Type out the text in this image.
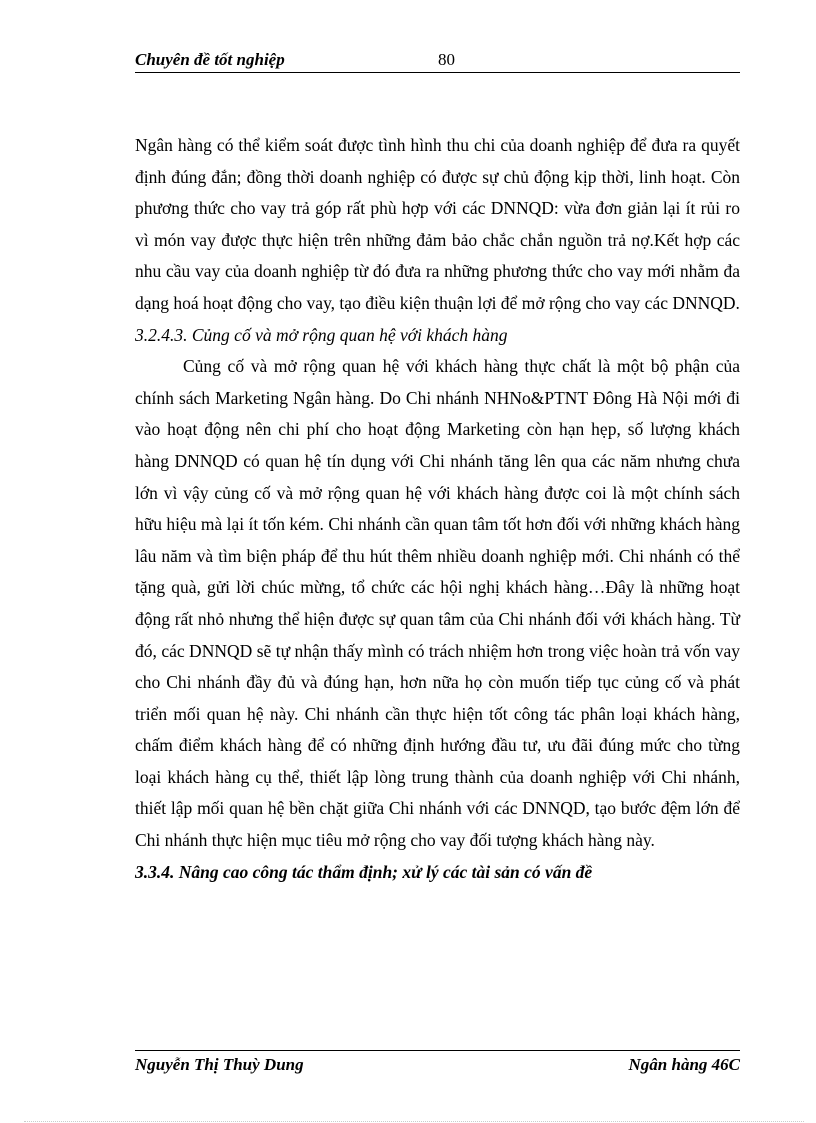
Chuyên đề tốt nghiệp	80

Ngân hàng có thể kiểm soát được tình hình thu chi của doanh nghiệp để đưa ra quyết định đúng đắn; đồng thời doanh nghiệp có được sự chủ động kịp thời, linh hoạt. Còn phương thức cho vay trả góp rất phù hợp với các DNNQD: vừa đơn giản lại ít rủi ro vì món vay được thực hiện trên những đảm bảo chắc chắn nguồn trả nợ.Kết hợp các nhu cầu vay của doanh nghiệp từ đó đưa ra những phương thức cho vay mới nhằm đa dạng hoá hoạt động cho vay, tạo điều kiện thuận lợi để mở rộng cho vay các DNNQD.

3.2.4.3. Củng cố và mở rộng quan hệ với khách hàng

Củng cố và mở rộng quan hệ với khách hàng thực chất là một bộ phận của chính sách Marketing Ngân hàng. Do Chi nhánh NHNo&PTNT Đông Hà Nội mới đi vào hoạt động nên chi phí cho hoạt động Marketing còn hạn hẹp, số lượng khách hàng DNNQD có quan hệ tín dụng với Chi nhánh tăng lên qua các năm nhưng chưa lớn vì vậy củng cố và mở rộng quan hệ với khách hàng được coi là một chính sách hữu hiệu mà lại ít tốn kém. Chi nhánh cần quan tâm tốt hơn đối với những khách hàng lâu năm và tìm biện pháp để thu hút thêm nhiều doanh nghiệp mới. Chi nhánh có thể tặng quà, gửi lời chúc mừng, tổ chức các hội nghị khách hàng…Đây là những hoạt động rất nhỏ nhưng thể hiện được sự quan tâm của Chi nhánh đối với khách hàng. Từ đó, các DNNQD sẽ tự nhận thấy mình có trách nhiệm hơn trong việc hoàn trả vốn vay cho Chi nhánh đầy đủ và đúng hạn, hơn nữa họ còn muốn tiếp tục củng cố và phát triển mối quan hệ này. Chi nhánh cần thực hiện tốt công tác phân loại khách hàng, chấm điểm khách hàng để có những định hướng đầu tư, ưu đãi đúng mức cho từng loại khách hàng cụ thể, thiết lập lòng trung thành của doanh nghiệp với Chi nhánh, thiết lập mối quan hệ bền chặt giữa Chi nhánh với các DNNQD, tạo bước đệm lớn để Chi nhánh thực hiện mục tiêu mở rộng cho vay đối tượng khách hàng này.

3.3.4. Nâng cao công tác thẩm định; xử lý các tài sản có vấn đề

Nguyễn Thị Thuỳ Dung	Ngân hàng 46C
